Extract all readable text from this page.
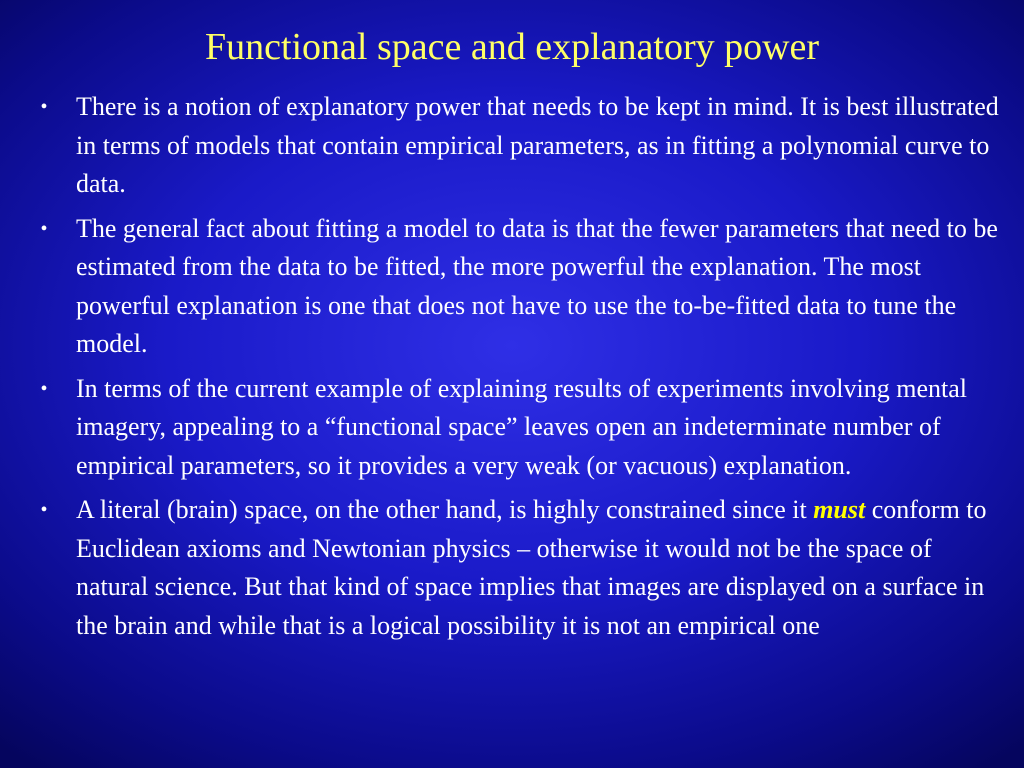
Functional space and explanatory power
• There is a notion of explanatory power that needs to be kept in mind. It is best illustrated in terms of models that contain empirical parameters, as in fitting a polynomial curve to data.
• The general fact about fitting a model to data is that the fewer parameters that need to be estimated from the data to be fitted, the more powerful the explanation. The most powerful explanation is one that does not have to use the to-be-fitted data to tune the model.
• In terms of the current example of explaining results of experiments involving mental imagery, appealing to a “functional space” leaves open an indeterminate number of empirical parameters, so it provides a very weak (or vacuous) explanation.
• A literal (brain) space, on the other hand, is highly constrained since it must conform to Euclidean axioms and Newtonian physics – otherwise it would not be the space of natural science. But that kind of space implies that images are displayed on a surface in the brain and while that is a logical possibility it is not an empirical one
